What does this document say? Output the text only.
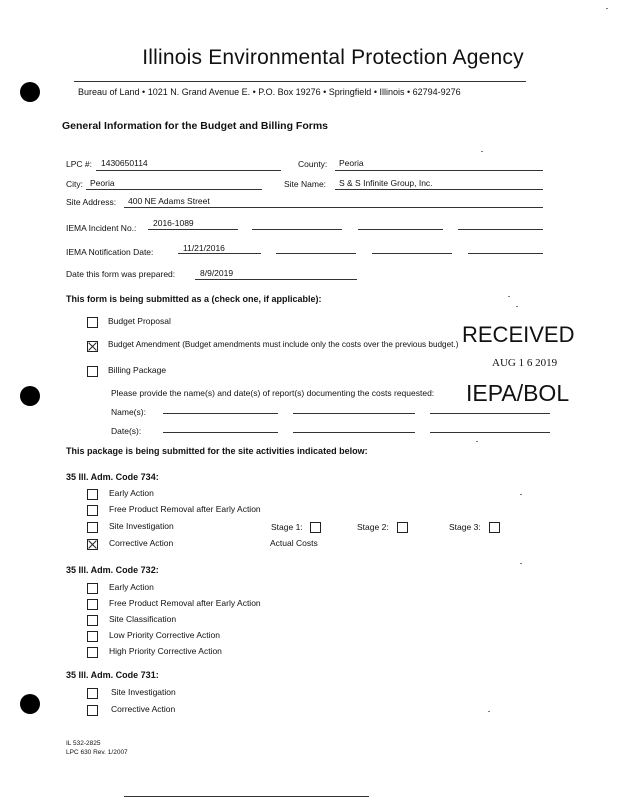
Illinois Environmental Protection Agency
Bureau of Land • 1021 N. Grand Avenue E. • P.O. Box 19276 • Springfield • Illinois • 62794-9276
General Information for the Budget and Billing Forms
LPC #: 1430650114	County: Peoria
City: Peoria	Site Name: S & S Infinite Group, Inc.
Site Address: 400 NE Adams Street
IEMA Incident No.: 2016-1089
IEMA Notification Date:	11/21/2016
Date this form was prepared:	8/9/2019
This form is being submitted as a (check one, if applicable):
Budget Proposal
Budget Amendment (Budget amendments must include only the costs over the previous budget.)
Billing Package
RECEIVED
AUG 1 6 2019
IEPA/BOL
Please provide the name(s) and date(s) of report(s) documenting the costs requested:
Name(s):
Date(s):
This package is being submitted for the site activities indicated below:
35 Ill. Adm. Code 734:
Early Action
Free Product Removal after Early Action
Site Investigation	Stage 1:	Stage 2:	Stage 3:
Corrective Action	Actual Costs
35 Ill. Adm. Code 732:
Early Action
Free Product Removal after Early Action
Site Classification
Low Priority Corrective Action
High Priority Corrective Action
35 Ill. Adm. Code 731:
Site Investigation
Corrective Action
IL 532-2825
LPC 630 Rev. 1/2007
